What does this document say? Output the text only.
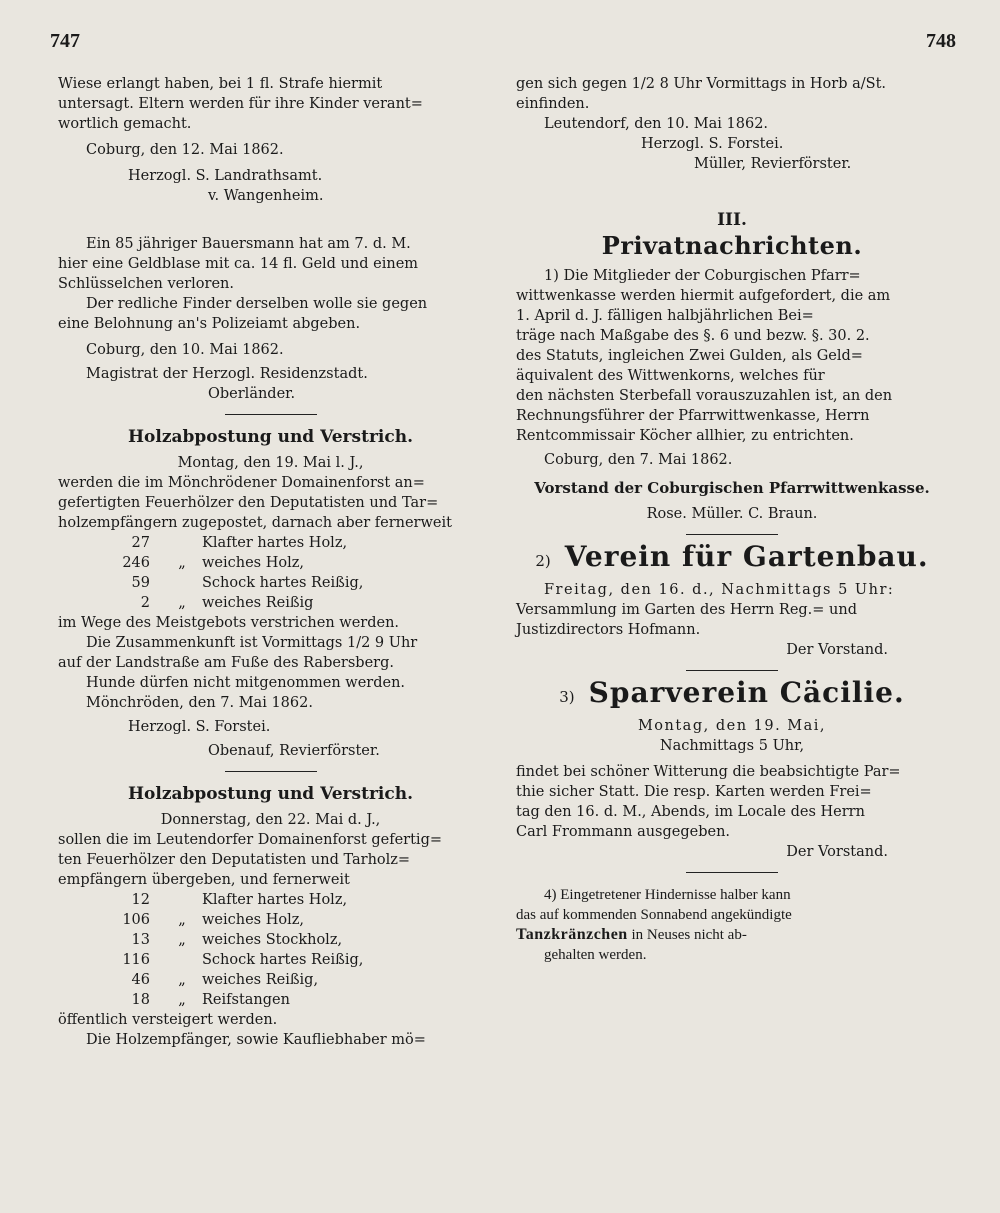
747	748

Wiese erlangt haben, bei 1 fl. Strafe hiermit

untersagt. Eltern werden für ihre Kinder verant=

wortlich gemacht.

Coburg, den 12. Mai 1862.

Herzogl. S. Landrathsamt.

v. Wangenheim.

Ein 85 jähriger Bauersmann hat am 7. d. M.

hier eine Geldblase mit ca. 14 fl. Geld und einem

Schlüsselchen verloren.

Der redliche Finder derselben wolle sie gegen

eine Belohnung an's Polizeiamt abgeben.

Coburg, den 10. Mai 1862.

Magistrat der Herzogl. Residenzstadt.

Oberländer.

Holzabpostung und Verstrich.

Montag, den 19. Mai l. J.,

werden die im Mönchrödener Domainenforst an=

gefertigten Feuerhölzer den Deputatisten und Tar=

holzempfängern zugepostet, darnach aber fernerweit

27	Klafter hartes Holz,
246	„	weiches Holz,
59	Schock hartes Reißig,
2	„	weiches Reißig

im Wege des Meistgebots verstrichen werden.

Die Zusammenkunft ist Vormittags 1/2 9 Uhr

auf der Landstraße am Fuße des Rabersberg.

Hunde dürfen nicht mitgenommen werden.

Mönchröden, den 7. Mai 1862.

Herzogl. S. Forstei.

Obenauf, Revierförster.

Holzabpostung und Verstrich.

Donnerstag, den 22. Mai d. J.,

sollen die im Leutendorfer Domainenforst gefertig=

ten Feuerhölzer den Deputatisten und Tarholz=

empfängern übergeben, und fernerweit

12	Klafter hartes Holz,
106	„	weiches Holz,
13	„	weiches Stockholz,
116	Schock hartes Reißig,
46	„	weiches Reißig,
18	„	Reifstangen

öffentlich versteigert werden.

Die Holzempfänger, sowie Kaufliebhaber mö=

gen sich gegen 1/2 8 Uhr Vormittags in Horb a/St.

einfinden.

Leutendorf, den 10. Mai 1862.

Herzogl. S. Forstei.

Müller, Revierförster.

III.
Privatnachrichten.

1) Die Mitglieder der Coburgischen Pfarr=

wittwenkasse werden hiermit aufgefordert, die am

1. April d. J. fälligen halbjährlichen Bei=

träge nach Maßgabe des §. 6 und bezw. §. 30. 2.

des Statuts, ingleichen Zwei Gulden, als Geld=

äquivalent des Wittwenkorns, welches für

den nächsten Sterbefall vorauszuzahlen ist, an den

Rechnungsführer der Pfarrwittwenkasse, Herrn

Rentcommissair Köcher allhier, zu entrichten.

Coburg, den 7. Mai 1862.

Vorstand der Coburgischen Pfarrwittwenkasse.

Rose. Müller. C. Braun.

2) Verein für Gartenbau.

Freitag, den 16. d., Nachmittags 5 Uhr:

Versammlung im Garten des Herrn Reg.= und

Justizdirectors Hofmann.

Der Vorstand.

3) Sparverein Cäcilie.

Montag, den 19. Mai,

Nachmittags 5 Uhr,

findet bei schöner Witterung die beabsichtigte Par=

thie sicher Statt. Die resp. Karten werden Frei=

tag den 16. d. M., Abends, im Locale des Herrn

Carl Frommann ausgegeben.

Der Vorstand.

4) Eingetretener Hindernisse halber kann

das auf kommenden Sonnabend angekündigte

Tanzkränzchen in Neuses nicht ab-

gehalten werden.
